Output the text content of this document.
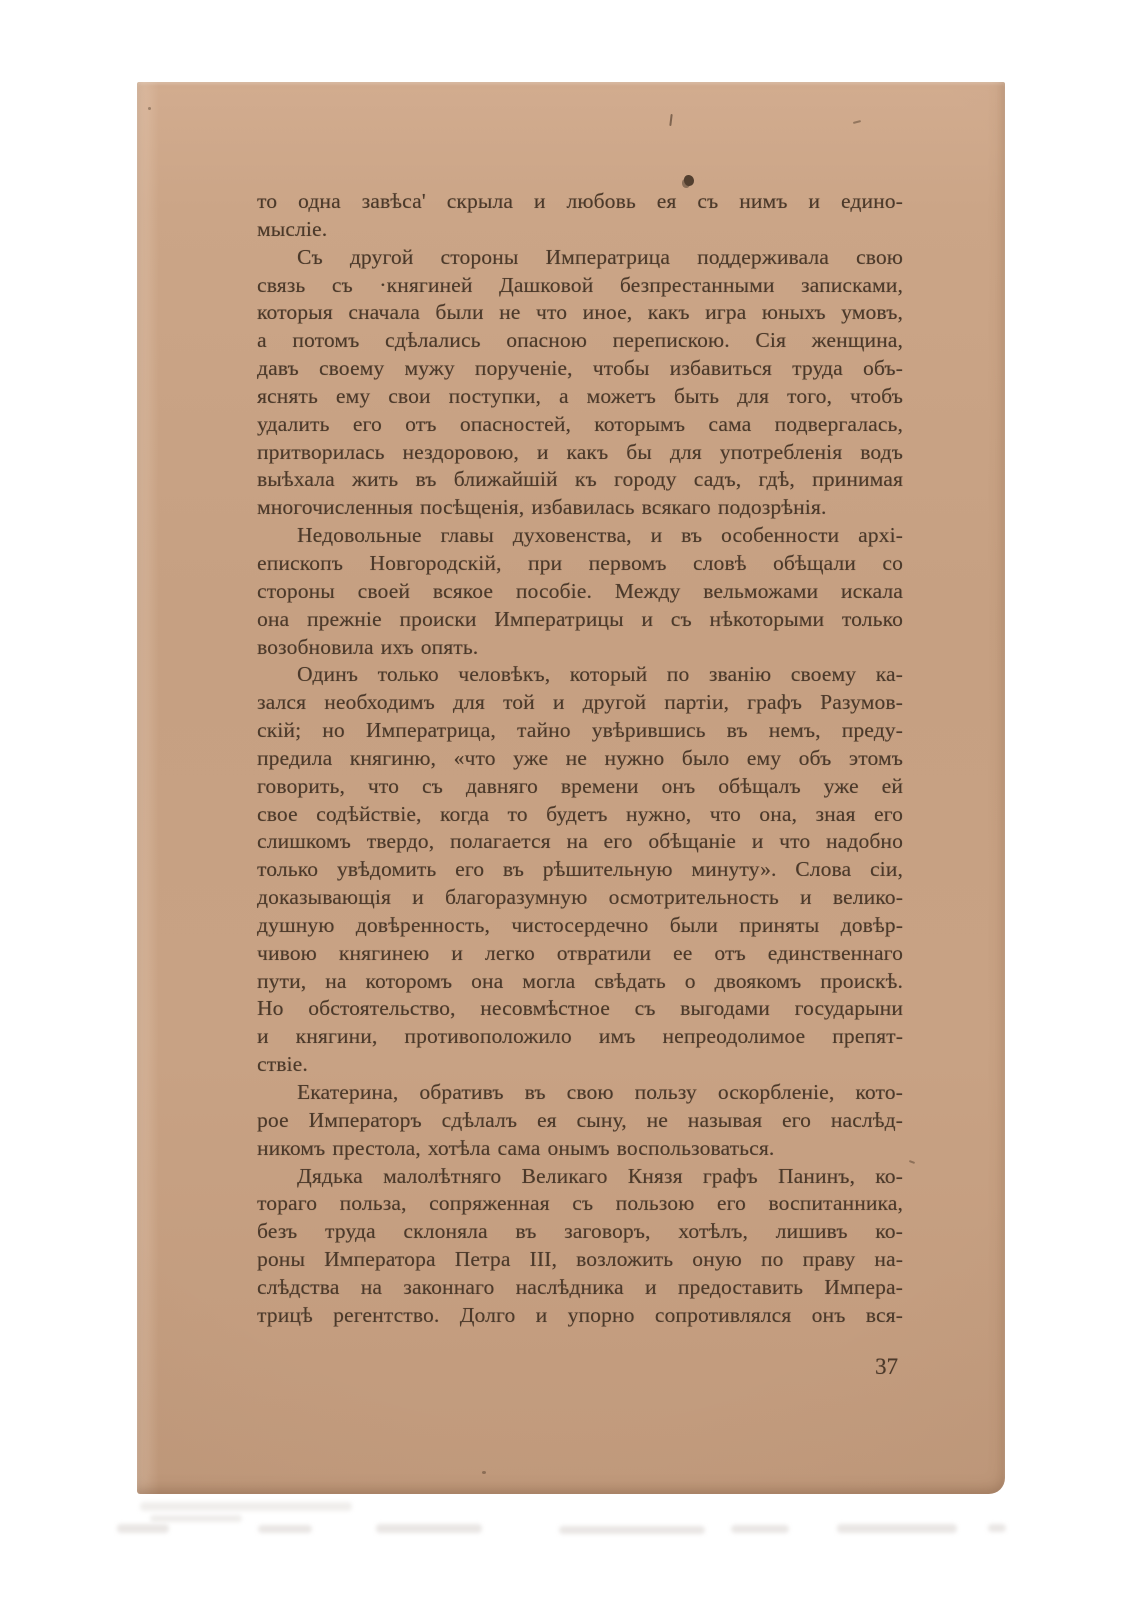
то одна завѣса' скрыла и любовь ея съ нимъ и едино-
мысліе.
Съ другой стороны Императрица поддерживала свою
связь съ ·княгиней Дашковой безпрестанными записками,
которыя сначала были не что иное, какъ игра юныхъ умовъ,
а потомъ сдѣлались опасною перепискою. Сія женщина,
давъ своему мужу порученіе, чтобы избавиться труда объ-
яснять ему свои поступки, а можетъ быть для того, чтобъ
удалить его отъ опасностей, которымъ сама подвергалась,
притворилась нездоровою, и какъ бы для употребленія водъ
выѣхала жить въ ближайшій къ городу садъ, гдѣ, принимая
многочисленныя посѣщенія, избавилась всякаго подозрѣнія.
Недовольные главы духовенства, и въ особенности архі-
епископъ Новгородскій, при первомъ словѣ обѣщали со
стороны своей всякое пособіе. Между вельможами искала
она прежніе происки Императрицы и съ нѣкоторыми только
возобновила ихъ опять.
Одинъ только человѣкъ, который по званію своему ка-
зался необходимъ для той и другой партіи, графъ Разумов-
скій; но Императрица, тайно увѣрившись въ немъ, преду-
предила княгиню, «что уже не нужно было ему объ этомъ
говорить, что съ давняго времени онъ обѣщалъ уже ей
свое содѣйствіе, когда то будетъ нужно, что она, зная его
слишкомъ твердо, полагается на его обѣщаніе и что надобно
только увѣдомить его въ рѣшительную минуту». Слова сіи,
доказывающія и благоразумную осмотрительность и велико-
душную довѣренность, чистосердечно были приняты довѣр-
чивою княгинею и легко отвратили ее отъ единственнаго
пути, на которомъ она могла свѣдать о двоякомъ проискѣ.
Но обстоятельство, несовмѣстное съ выгодами государыни
и княгини, противоположило имъ непреодолимое препят-
ствіе.
Екатерина, обративъ въ свою пользу оскорбленіе, кото-
рое Императоръ сдѣлалъ ея сыну, не называя его наслѣд-
никомъ престола, хотѣла сама онымъ воспользоваться.
Дядька малолѣтняго Великаго Князя графъ Панинъ, ко-
тораго польза, сопряженная съ пользою его воспитанника,
безъ труда склоняла въ заговоръ, хотѣлъ, лишивъ ко-
роны Императора Петра III, возложить оную по праву на-
слѣдства на законнаго наслѣдника и предоставить Импера-
трицѣ регентство. Долго и упорно сопротивлялся онъ вся-
37
